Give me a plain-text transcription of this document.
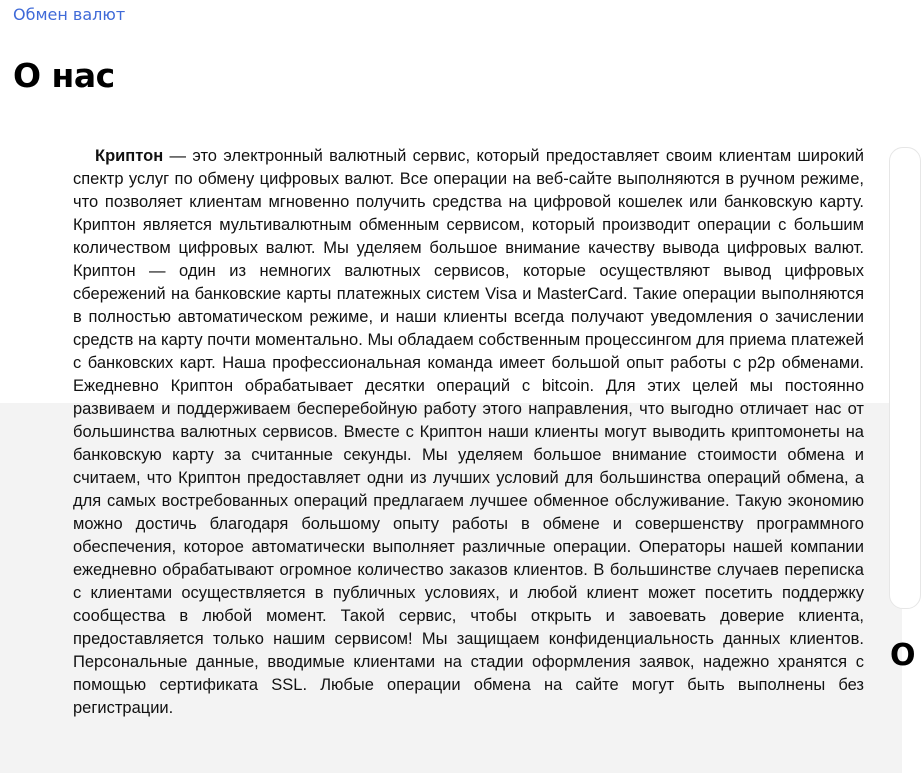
Обмен валют
О нас

Криптон — это электронный валютный сервис, который предоставляет своим клиентам широкий спектр услуг по обмену цифровых валют. Все операции на веб-сайте выполняются в ручном режиме, что позволяет клиентам мгновенно получить средства на цифровой кошелек или банковскую карту. Криптон является мультивалютным обменным сервисом, который производит операции с большим количеством цифровых валют. Мы уделяем большое внимание качеству вывода цифровых валют. Криптон — один из немногих валютных сервисов, которые осуществляют вывод цифровых сбережений на банковские карты платежных систем Visa и MasterCard. Такие операции выполняются в полностью автоматическом режиме, и наши клиенты всегда получают уведомления о зачислении средств на карту почти моментально. Мы обладаем собственным процессингом для приема платежей с банковских карт. Наша профессиональная команда имеет большой опыт работы с p2p обменами. Ежедневно Криптон обрабатывает десятки операций с bitcoin. Для этих целей мы постоянно развиваем и поддерживаем бесперебойную работу этого направления, что выгодно отличает нас от большинства валютных сервисов. Вместе с Криптон наши клиенты могут выводить криптомонеты на банковскую карту за считанные секунды. Мы уделяем большое внимание стоимости обмена и считаем, что Криптон предоставляет одни из лучших условий для большинства операций обмена, а для самых востребованных операций предлагаем лучшее обменное обслуживание. Такую экономию можно достичь благодаря большому опыту работы в обмене и совершенству программного обеспечения, которое автоматически выполняет различные операции. Операторы нашей компании ежедневно обрабатывают огромное количество заказов клиентов. В большинстве случаев переписка с клиентами осуществляется в публичных условиях, и любой клиент может посетить поддержку сообщества в любой момент. Такой сервис, чтобы открыть и завоевать доверие клиента, предоставляется только нашим сервисом! Мы защищаем конфиденциальность данных клиентов. Персональные данные, вводимые клиентами на стадии оформления заявок, надежно хранятся с помощью сертификата SSL. Любые операции обмена на сайте могут быть выполнены без регистрации.

О
